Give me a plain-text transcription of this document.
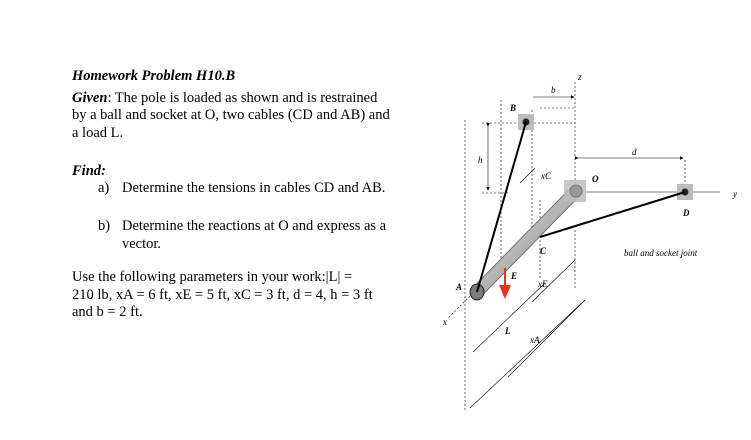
Homework Problem H10.B

Given: The pole is loaded as shown and is restrained by a ball and socket at O, two cables (CD and AB) and a load L.
Find:
a) Determine the tensions in cables CD and AB.
b) Determine the reactions at O and express as a vector.
Use the following parameters in your work:|L| =
210 lb, xA = 6 ft, xE = 5 ft, xC = 3 ft, d = 4, h = 3 ft
and b = 2 ft.
z
y
x
B
b
h
d
xC	O
D
ball and socket joint
C
xE
E
A
L
xA
